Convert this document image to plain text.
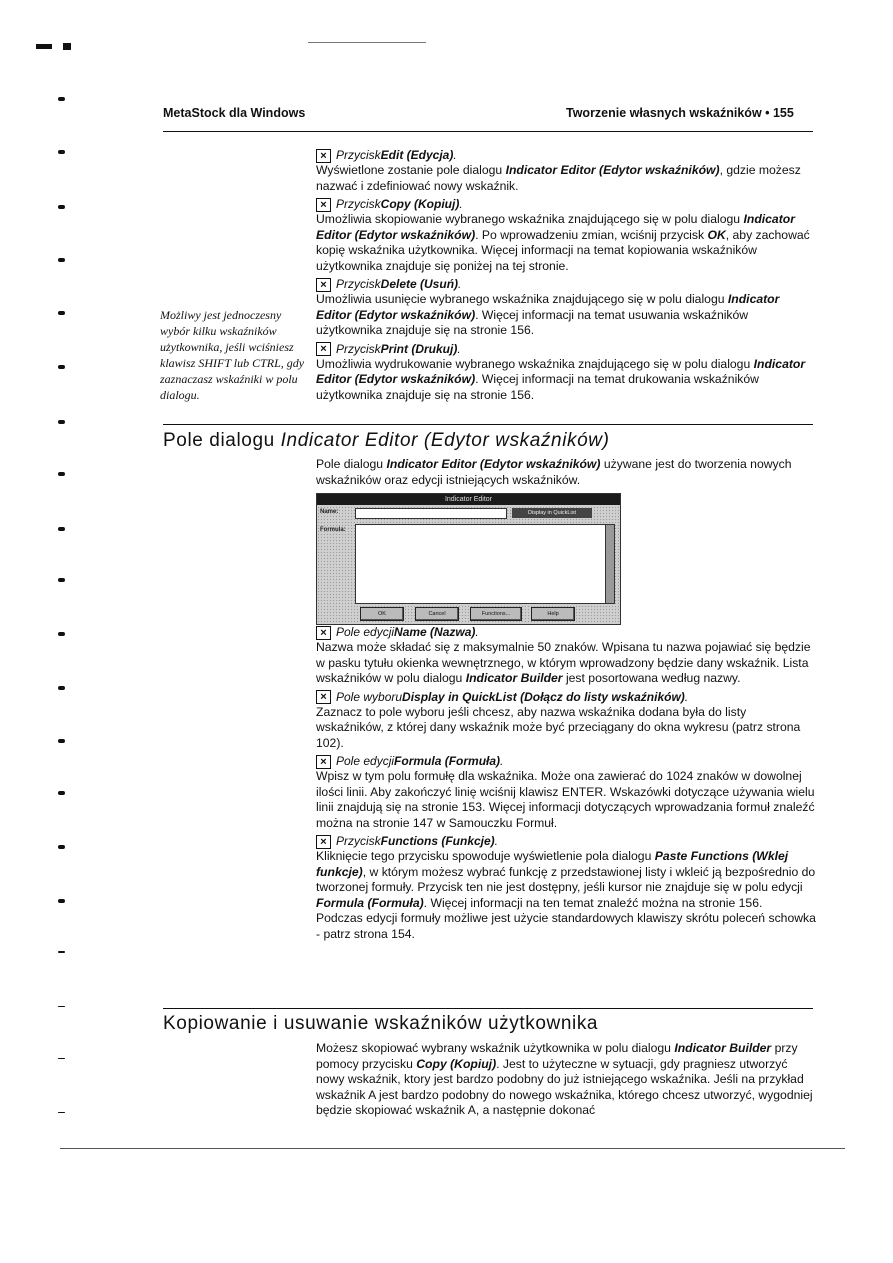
MetaStock dla Windows	Tworzenie własnych wskaźników • 155
× Przycisk Edit (Edycja) .
Wyświetlone zostanie pole dialogu Indicator Editor (Edytor wskaźników), gdzie możesz nazwać i zdefiniować nowy wskaźnik.
× Przycisk Copy (Kopiuj) .
Umożliwia skopiowanie wybranego wskaźnika znajdującego się w polu dialogu Indicator Editor (Edytor wskaźników). Po wprowadzeniu zmian, wciśnij przycisk OK, aby zachować kopię wskaźnika użytkownika. Więcej informacji na temat kopiowania wskaźników użytkownika znajduje się poniżej na tej stronie.
× Przycisk Delete (Usuń) .
Umożliwia usunięcie wybranego wskaźnika znajdującego się w polu dialogu Indicator Editor (Edytor wskaźników). Więcej informacji na temat usuwania wskaźników użytkownika znajduje się na stronie 156.
× Przycisk Print (Drukuj) .
Umożliwia wydrukowanie wybranego wskaźnika znajdującego się w polu dialogu Indicator Editor (Edytor wskaźników). Więcej informacji na temat drukowania wskaźników użytkownika znajduje się na stronie 156.
Możliwy jest jednoczesny wybór kilku wskaźników użytkownika, jeśli wciśniesz klawisz SHIFT lub CTRL, gdy zaznaczasz wskaźniki w polu dialogu.
Pole dialogu Indicator Editor (Edytor wskaźników)
Pole dialogu Indicator Editor (Edytor wskaźników) używane jest do tworzenia nowych wskaźników oraz edycji istniejących wskaźników.
Indicator Editor
Name:	Display in QuickList
Formula:
OK	Cancel	Functions...	Help
× Pole edycji Name (Nazwa) .
Nazwa może składać się z maksymalnie 50 znaków. Wpisana tu nazwa pojawiać się będzie w pasku tytułu okienka wewnętrznego, w którym wprowadzony będzie dany wskaźnik. Lista wskaźników w polu dialogu Indicator Builder jest posortowana według nazwy.
× Pole wyboru Display in QuickList (Dołącz do listy wskaźników) .
Zaznacz to pole wyboru jeśli chcesz, aby nazwa wskaźnika dodana była do listy wskaźników, z której dany wskaźnik może być przeciągany do okna wykresu (patrz strona 102).
× Pole edycji Formula (Formuła) .
Wpisz w tym polu formułę dla wskaźnika. Może ona zawierać do 1024 znaków w dowolnej ilości linii. Aby zakończyć linię wciśnij klawisz ENTER. Wskazówki dotyczące używania wielu linii znajdują się na stronie 153. Więcej informacji dotyczących wprowadzania formuł znaleźć można na stronie 147 w Samouczku Formuł.
× Przycisk Functions (Funkcje) .
Kliknięcie tego przycisku spowoduje wyświetlenie pola dialogu Paste Functions (Wklej funkcje), w którym możesz wybrać funkcję z przedstawionej listy i wkleić ją bezpośrednio do tworzonej formuły. Przycisk ten nie jest dostępny, jeśli kursor nie znajduje się w polu edycji Formula (Formuła). Więcej informacji na ten temat znaleźć można na stronie 156.
Podczas edycji formuły możliwe jest użycie standardowych klawiszy skrótu poleceń schowka - patrz strona 154.
Kopiowanie i usuwanie wskaźników użytkownika
Możesz skopiować wybrany wskaźnik użytkownika w polu dialogu Indicator Builder przy pomocy przycisku Copy (Kopiuj). Jest to użyteczne w sytuacji, gdy pragniesz utworzyć nowy wskaźnik, ktory jest bardzo podobny do już istniejącego wskaźnika. Jeśli na przykład wskaźnik A jest bardzo podobny do nowego wskaźnika, którego chcesz utworzyć, wygodniej będzie skopiować wskaźnik A, a następnie dokonać
